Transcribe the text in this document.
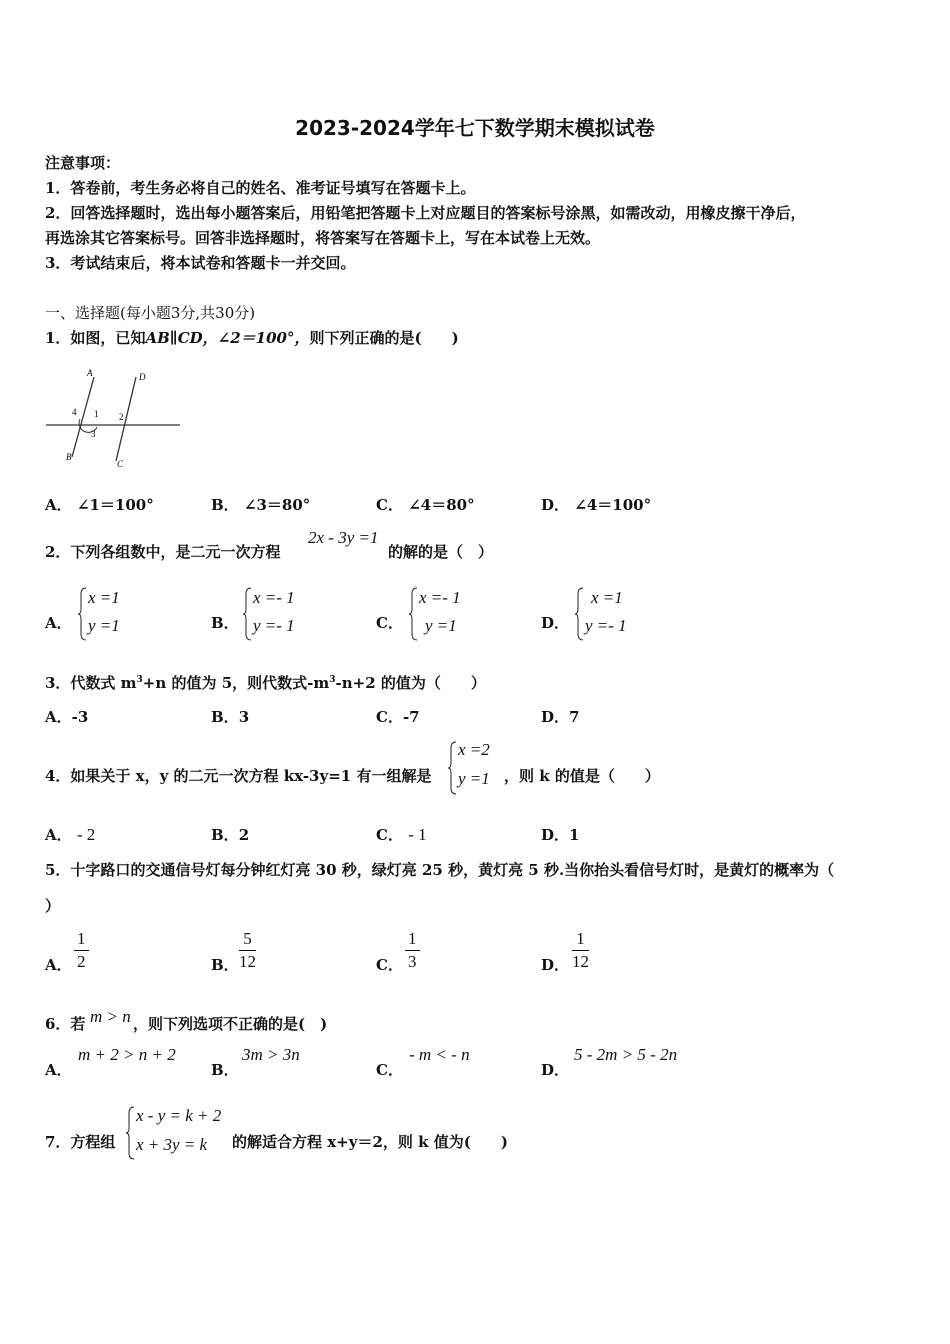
2023-2024学年七下数学期末模拟试卷
注意事项：
1．答卷前，考生务必将自己的姓名、准考证号填写在答题卡上。
2．回答选择题时，选出每小题答案后，用铅笔把答题卡上对应题目的答案标号涂黑，如需改动，用橡皮擦干净后，
再选涂其它答案标号。回答非选择题时，将答案写在答题卡上，写在本试卷上无效。
3．考试结束后，将本试卷和答题卡一并交回。
一、选择题(每小题3分,共30分)
1．如图，已知AB∥CD，∠2＝100°，则下列正确的是(　　)
A	D
B
C
1 2
3
4
A． ∠1＝100°	B． ∠3＝80°	C． ∠4＝80°	D． ∠4＝100°
2．下列各组数中，是二元一次方程
2x - 3y =1
的解的是（　）
A．
x =1
y =1	B．
x =- 1
y =- 1	C．
x =- 1
y =1	D．
x =1
y =- 1
3．代数式 $m^3+n$ 的值为 5，则代数式$-m^3-n+2$ 的值为（　　）
A．-3	B．3	C．-7	D．7
4．如果关于 x，y 的二元一次方程 kx-3y=1 有一组解是
x =2
y =1 ，则 k 的值是（　　）
A． - 2	B．2	C． - 1	D．1
5．十字路口的交通信号灯每分钟红灯亮 30 秒，绿灯亮 25 秒，黄灯亮 5 秒.当你抬头看信号灯时，是黄灯的概率为（
）
A． $\frac{1}{2}$	B． $\frac{5}{12}$	C． $\frac{1}{3}$	D． $\frac{1}{12}$
6．若 m > n ，则下列选项不正确的是(　)
A．
m + 2 > n + 2
B．
3m > 3n
C．
- m < - n
D．
5 - 2m > 5 - 2n
7．方程组
x - y = k + 2
x + 3y = k 的解适合方程 x+y＝2，则 k 值为(　　)
